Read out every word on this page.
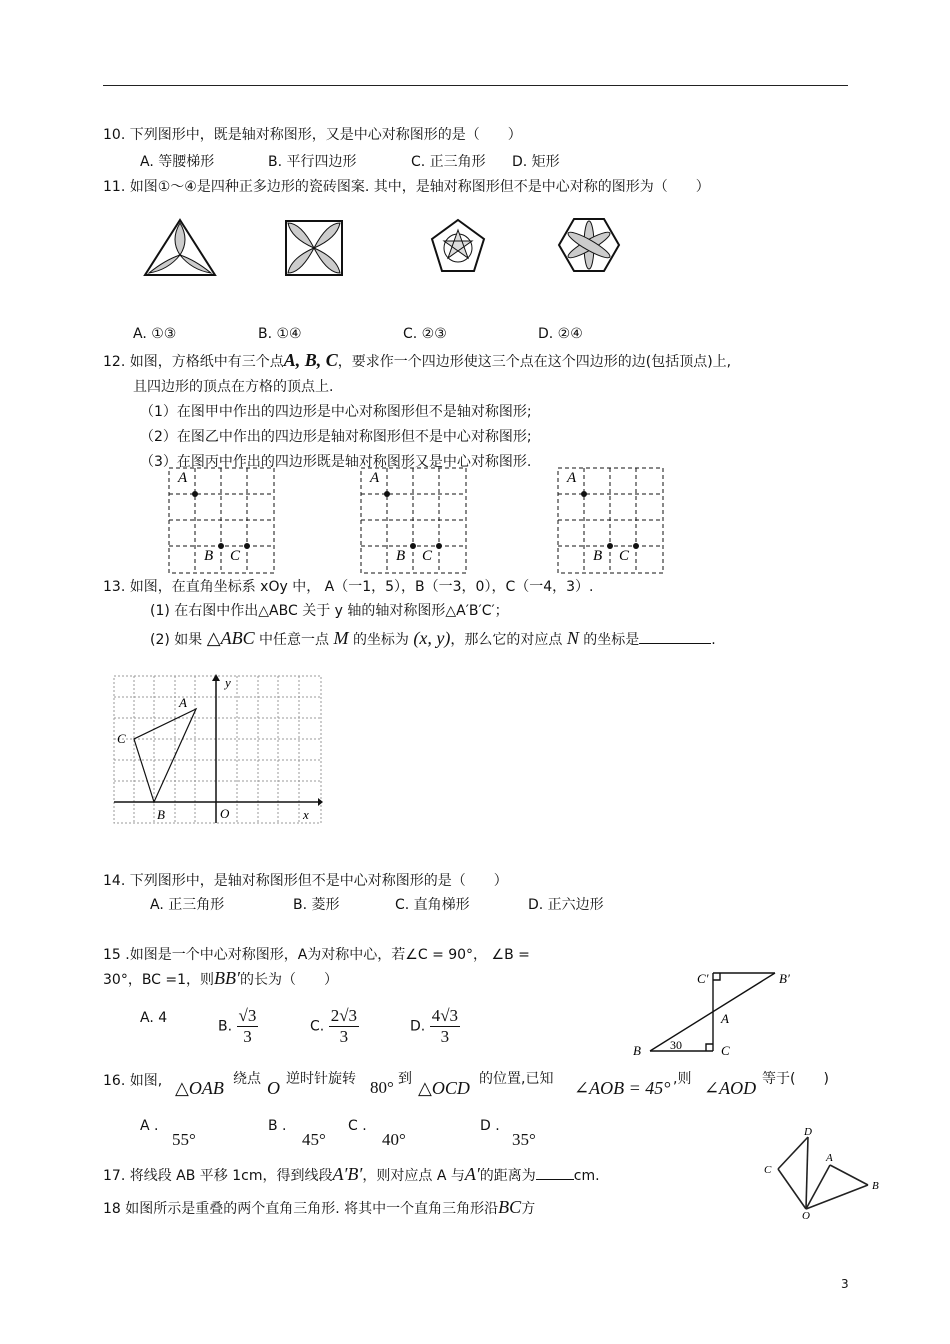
10. 下列图形中，既是轴对称图形，又是中心对称图形的是（　　）
A. 等腰梯形	B. 平行四边形	C. 正三角形 D. 矩形
11. 如图①～④是四种正多边形的瓷砖图案. 其中，是轴对称图形但不是中心对称的图形为（　　）
A. ①③	B. ①④	C. ②③	D. ②④
12. 如图，方格纸中有三个点A, B, C，要求作一个四边形使这三个点在这个四边形的边(包括顶点)上,
且四边形的顶点在方格的顶点上.
（1）在图甲中作出的四边形是中心对称图形但不是轴对称图形;
（2）在图乙中作出的四边形是轴对称图形但不是中心对称图形;
（3）在图丙中作出的四边形既是轴对称图形又是中心对称图形.
A
B C
A
B C
A
B C
13. 如图，在直角坐标系 xOy 中， A（一1，5），B（一3，0），C（一4，3）.
(1) 在右图中作出△ABC 关于 y 轴的轴对称图形△A′B′C′；
(2) 如果 △ABC 中任意一点 M 的坐标为 (x, y)，那么它的对应点 N 的坐标是	.
y
x
O
A
B
C
14. 下列图形中，是轴对称图形但不是中心对称图形的是（　　）
A. 正三角形	B. 菱形	C. 直角梯形	D. 正六边形
15 .如图是一个中心对称图形，A为对称中心，若∠C = 90°， ∠B =
30°，BC =1，则BB′的长为（　　）
A. 4
B. $\frac{√3}{3}$	C. $\frac{2√3}{3}$	D. $\frac{4√3}{3}$
C′	B′
A
B	C
30
16. 如图, △OAB 绕点 O 逆时针旋转 80° 到 △OCD 的位置,已知 ∠AOB = 45° ,则 ∠AOD 等于(　　)
A .
55°
B .
45°
C .
40°
D .
35°	D
C
A
B
O
17. 将线段 AB 平移 1cm，得到线段A′B′，则对应点 A 与A′的距离为	cm.
18 如图所示是重叠的两个直角三角形. 将其中一个直角三角形沿BC方
3
